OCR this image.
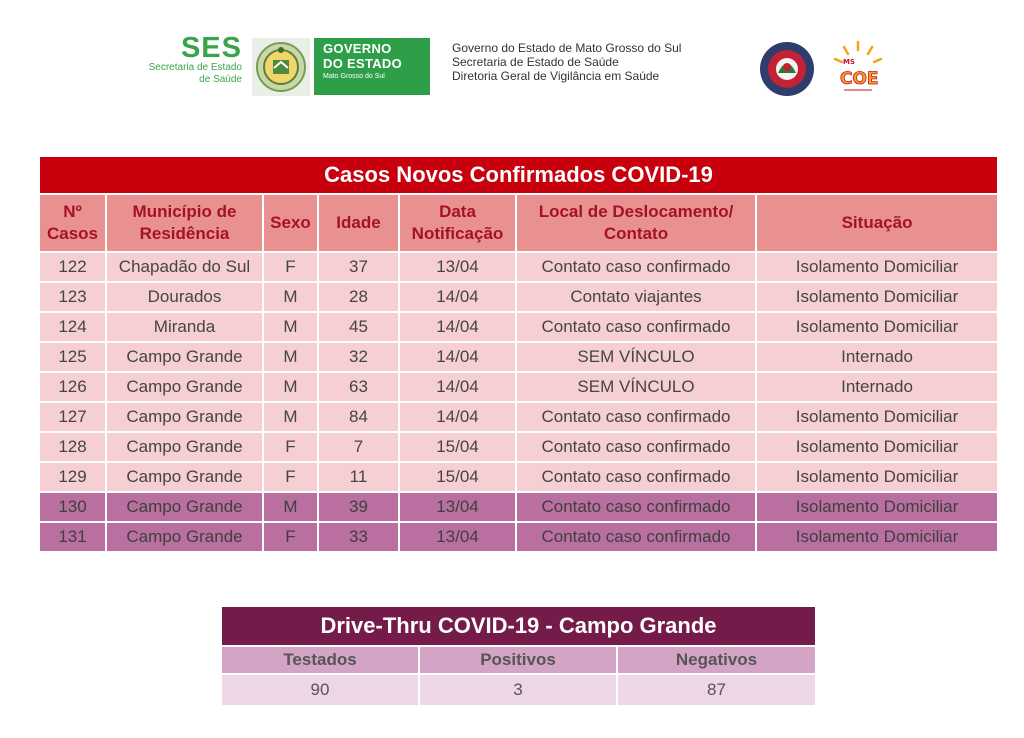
SES
Secretaria de Estado
de Saúde
GOVERNO
DO ESTADO
Mato Grosso do Sul
Governo do Estado de Mato Grosso do Sul
Secretaria de Estado de Saúde
Diretoria Geral de Vigilância em Saúde
MS
COE
Casos Novos Confirmados COVID-19						
Nº Casos	Município de Residência	Sexo	Idade	Data Notificação	Local de Deslocamento/ Contato	Situação
122	Chapadão do Sul	F	37	13/04	Contato caso confirmado	Isolamento Domiciliar
123	Dourados	M	28	14/04	Contato viajantes	Isolamento Domiciliar
124	Miranda	M	45	14/04	Contato caso confirmado	Isolamento Domiciliar
125	Campo Grande	M	32	14/04	SEM VÍNCULO	Internado
126	Campo Grande	M	63	14/04	SEM VÍNCULO	Internado
127	Campo Grande	M	84	14/04	Contato caso confirmado	Isolamento Domiciliar
128	Campo Grande	F	7	15/04	Contato caso confirmado	Isolamento Domiciliar
129	Campo Grande	F	11	15/04	Contato caso confirmado	Isolamento Domiciliar
130	Campo Grande	M	39	13/04	Contato caso confirmado	Isolamento Domiciliar
131	Campo Grande	F	33	13/04	Contato caso confirmado	Isolamento Domiciliar
Drive-Thru COVID-19 - Campo Grande		
Testados	Positivos	Negativos
90	3	87
